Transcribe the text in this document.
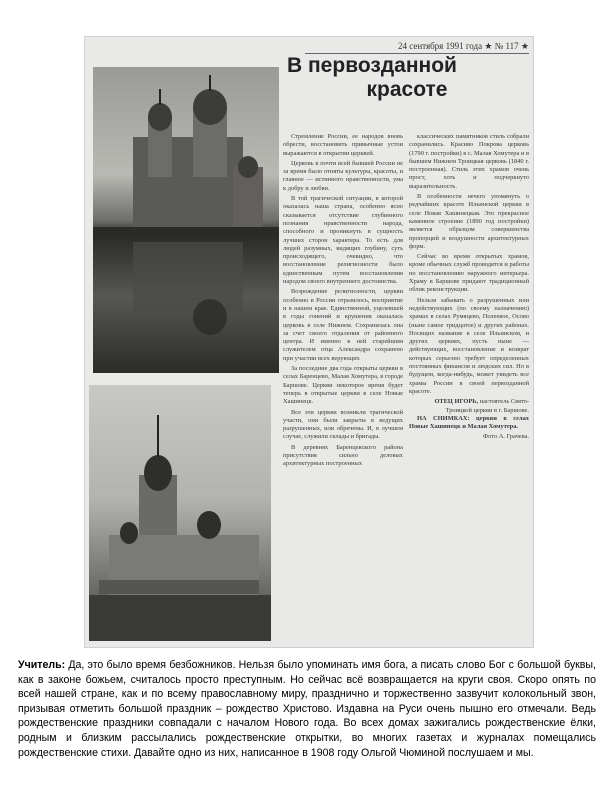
24 сентября 1991 года ★ № 117 ★
В первозданной
красоте

Стремление России, ее народов вновь обрести, восстановить привычные устои выражаются в открытии церквей.

Церковь в почти всей бывшей России не за время было отняты культуры, красоты, и главное — истинного нравственности, ума к добру и любви.

В той трагической ситуации, в которой оказалась наша страна, особенно ясно сказывается отсутствие глубинного познания нравственности народа, способного и проникнуть в сущность лучших сторон характера. То есть для людей разумных, видящих глубину, суть происходящего, очевидно, что восстановление религиозности было единственным путем восстановления народом своего внутреннего достоинства.

Возрождение религиозности, церкви особенно в России отразилось, восприятие и в нашем крае. Единственной, уцелевшей в годы гонений и крушения оказалась церковь в селе Нижнем. Сохранилась она за счет своего отдаления от районного центра. И именно в ней старейшим служителем отца Александра сохранено при участии всех верующих

За последние два года открыты церкви в селах Баренцево, Малая Хомутера, в городе Баршове. Церкви некоторое время будет теперь в открытые церкви в селе Новые Хашинецк.

Все эти церкви возникли трагической участи, они были закрыты в ведущих разрушенных, или обречены. И, в лучшем случае, служили склады и бригады.

В деревнях Баренцевского района присутствия сильно деловых архитектурных построенных

классических памятников стиль собрали сохранились. Красиво Покрова церковь (1790 г. постройки) в с. Малая Хомутера и в бывшем Нижнем Троицкая церковь (1840 г. построенная). Стиль этих храмов очень прост, хоть и подчеркнуто выразительность.

В особенности нечего упомянуть о редчайших красоте Ильинской церкви в селе Новая Хашинецкая. Это прекрасное каменное строение (1890 год постройки) является образцом совершенства пропорций и воздушности архитектурных форм.

Сейчас во время открытых храмов, кроме обычных служб проводятся и работы по восстановлению наружного интерьера. Храму в Баршове придают традиционный облик реконструкции.

Нельзя забывать о разрушенных или недействующих (по своему назначению) храмах в селах Румяцево, Полеевое, Осово (ныне самое тридцатое) и других районах. Носящих название в селе Ильинском, и других церквях, пусть ныне — действующих, восстановление и возврат которых серьезно требует определенных постоянных финансов и людских сил. Но в будущем, когда-нибудь, может увидеть все храмы России в своей первозданной красоте.

ОТЕЦ ИГОРЬ, настоятель Свято-Троицкой церкви в г. Баршове.

НА СНИМКАХ: церкви в селах Новые Хашинецк и Малая Хомутера.

Фото А. Грачева.

Учитель: Да, это было время безбожников. Нельзя было упоминать имя бога, а писать слово Бог с большой буквы, как в законе божьем, считалось просто преступным. Но сейчас всё возвращается на круги своя. Скоро опять по всей нашей стране, как и по всему православному миру, празднично и торжественно зазвучит колокольный звон, призывая отметить большой праздник – рождество Христово. Издавна на Руси очень пышно его отмечали. Ведь рождественские праздники совпадали с началом Нового года. Во всех домах зажигались рождественские ёлки, родным и близким рассылались рождественские открытки, во многих газетах и журналах помещались рождественские стихи. Давайте одно из них, написанное в 1908 году Ольгой Чюминой послушаем и мы.
